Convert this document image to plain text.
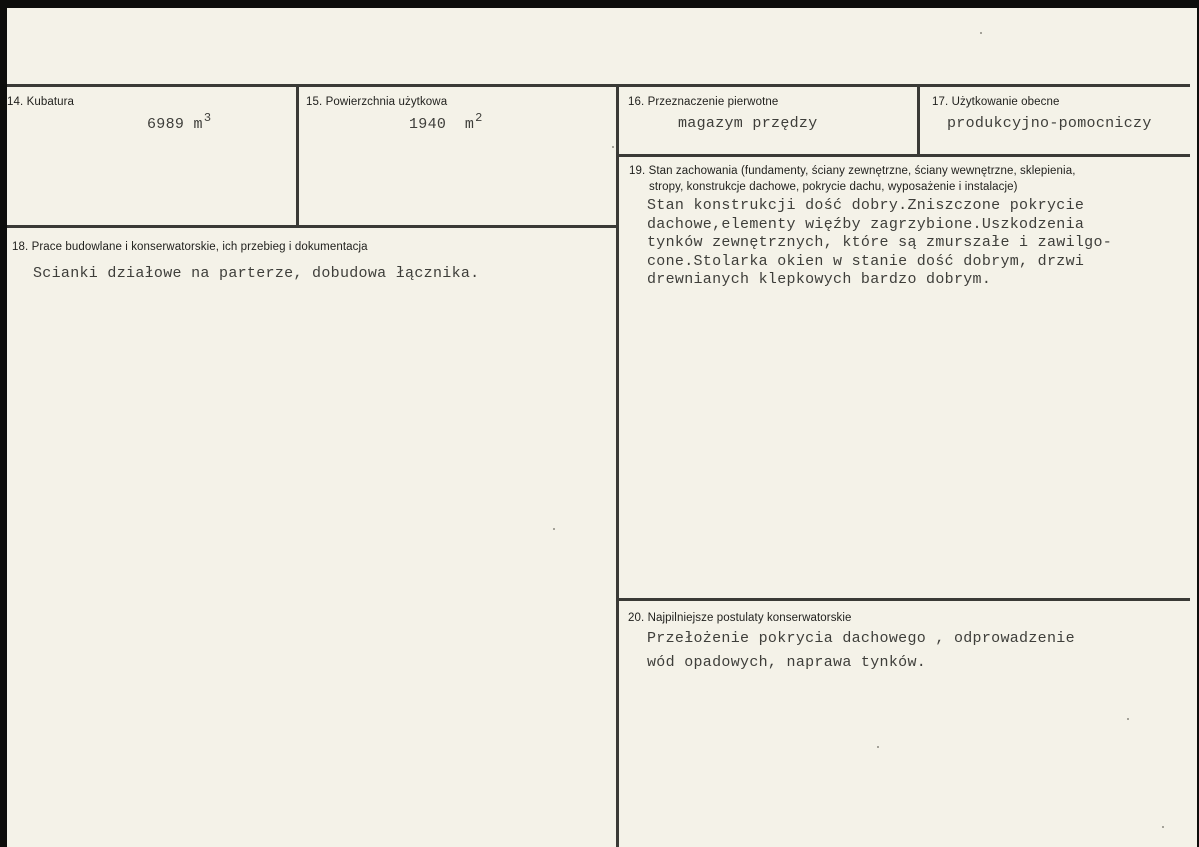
14. Kubatura
6989 $m^3$
15. Powierzchnia użytkowa
1940 $m^2$
16. Przeznaczenie pierwotne
magazym przędzy
17. Użytkowanie obecne
produkcyjno-pomocniczy
18. Prace budowlane i konserwatorskie, ich przebieg i dokumentacja
Scianki działowe na parterze, dobudowa łącznika.
19. Stan zachowania (fundamenty, ściany zewnętrzne, ściany wewnętrzne, sklepienia,
stropy, konstrukcje dachowe, pokrycie dachu, wyposażenie i instalacje)
Stan konstrukcji dość dobry.Zniszczone pokrycie
dachowe,elementy więźby zagrzybione.Uszkodzenia
tynków zewnętrznych, które są zmurszałe i zawilgo-
cone.Stolarka okien w stanie dość dobrym, drzwi
drewnianych klepkowych bardzo dobrym.
20. Najpilniejsze postulaty konserwatorskie
Przełożenie pokrycia dachowego , odprowadzenie
wód opadowych, naprawa tynków.
